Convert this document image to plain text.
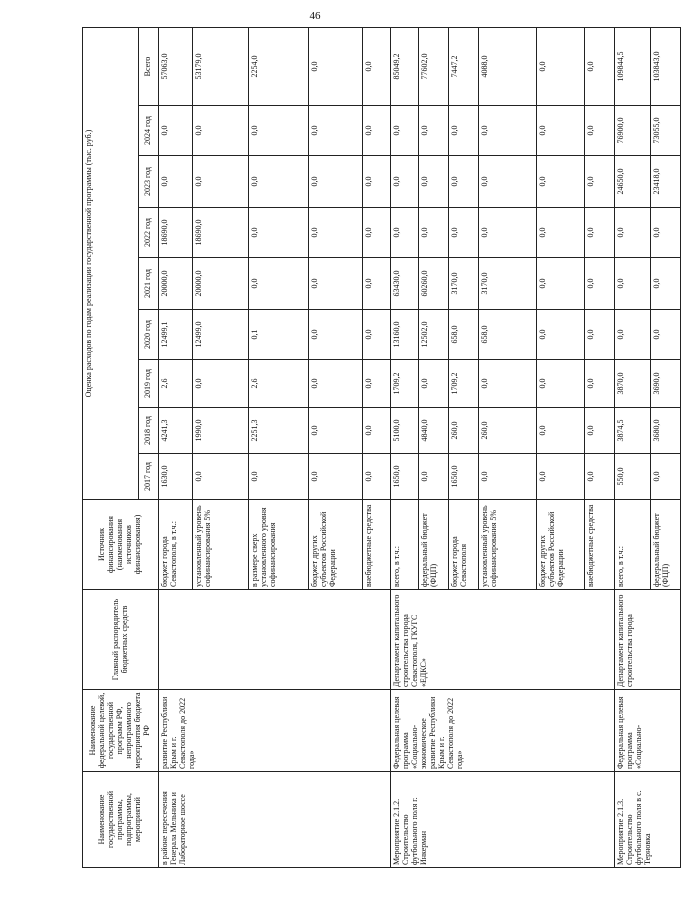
46
Наименование государственной программы, подпрограммы, мероприятий	Наименование федеральной целевой, государственной программ РФ, непрограммного мероприятия бюджета РФ	Главный распорядитель бюджетных средств	Источник финансирования (наименования источников финансирования)	Оценка расходов по годам реализации государственной программы (тыс. руб.)								
				2017 год	2018 год	2019 год	2020 год	2021 год	2022 год	2023 год	2024 год	Всего
в районе пересечения Генерала Мельника и Лабораторное шоссе	развитие Республики Крым и г. Севастополя до 2022 года»		бюджет города Севастополя, в т.ч.:	1630,0	4241,3	2,6	12499,1	20000,0	18690,0	0,0	0,0	57063,0
			установленный уровень софинансирования 5%	0,0	1990,0	0,0	12499,0	20000,0	18690,0	0,0	0,0	53179,0
			в размере сверх установленного уровня софинансирования	0,0	2251,3	2,6	0,1	0,0	0,0	0,0	0,0	2254,0
			бюджет других субъектов Российской Федерации	0,0	0,0	0,0	0,0	0,0	0,0	0,0	0,0	0,0
			внебюджетные средства	0,0	0,0	0,0	0,0	0,0	0,0	0,0	0,0	0,0
Мероприятие 2.1.2. Строительство футбольного поля г. Инкерман	Федеральная целевая программа «Социально-экономическое развитие Республики Крым и г. Севастополя до 2022 года»	Департамент капитального строительства города Севастополя, ГКУГС «ЕДКС»	всего, в т.ч.:	1650,0	5100,0	1709,2	13160,0	63430,0	0,0	0,0	0,0	85049,2
			федеральный бюджет (ФЦП)	0,0	4840,0	0,0	12502,0	60260,0	0,0	0,0	0,0	77602,0
			бюджет города Севастополя	1650,0	260,0	1709,2	658,0	3170,0	0,0	0,0	0,0	7447,2
			установленный уровень софинансирования 5%	0,0	260,0	0,0	658,0	3170,0	0,0	0,0	0,0	4088,0
			бюджет других субъектов Российской Федерации	0,0	0,0	0,0	0,0	0,0	0,0	0,0	0,0	0,0
			внебюджетные средства	0,0	0,0	0,0	0,0	0,0	0,0	0,0	0,0	0,0
Мероприятие 2.1.3. Строительство футбольного поля в с. Терновка	Федеральная целевая программа «Социально-	Департамент капитального строительства города	всего, в т.ч.:	550,0	3874,5	3870,0	0,0	0,0	0,0	24650,0	76900,0	109844,5
			федеральный бюджет (ФЦП)	0,0	3680,0	3690,0	0,0	0,0	0,0	23418,0	73055,0	103843,0
